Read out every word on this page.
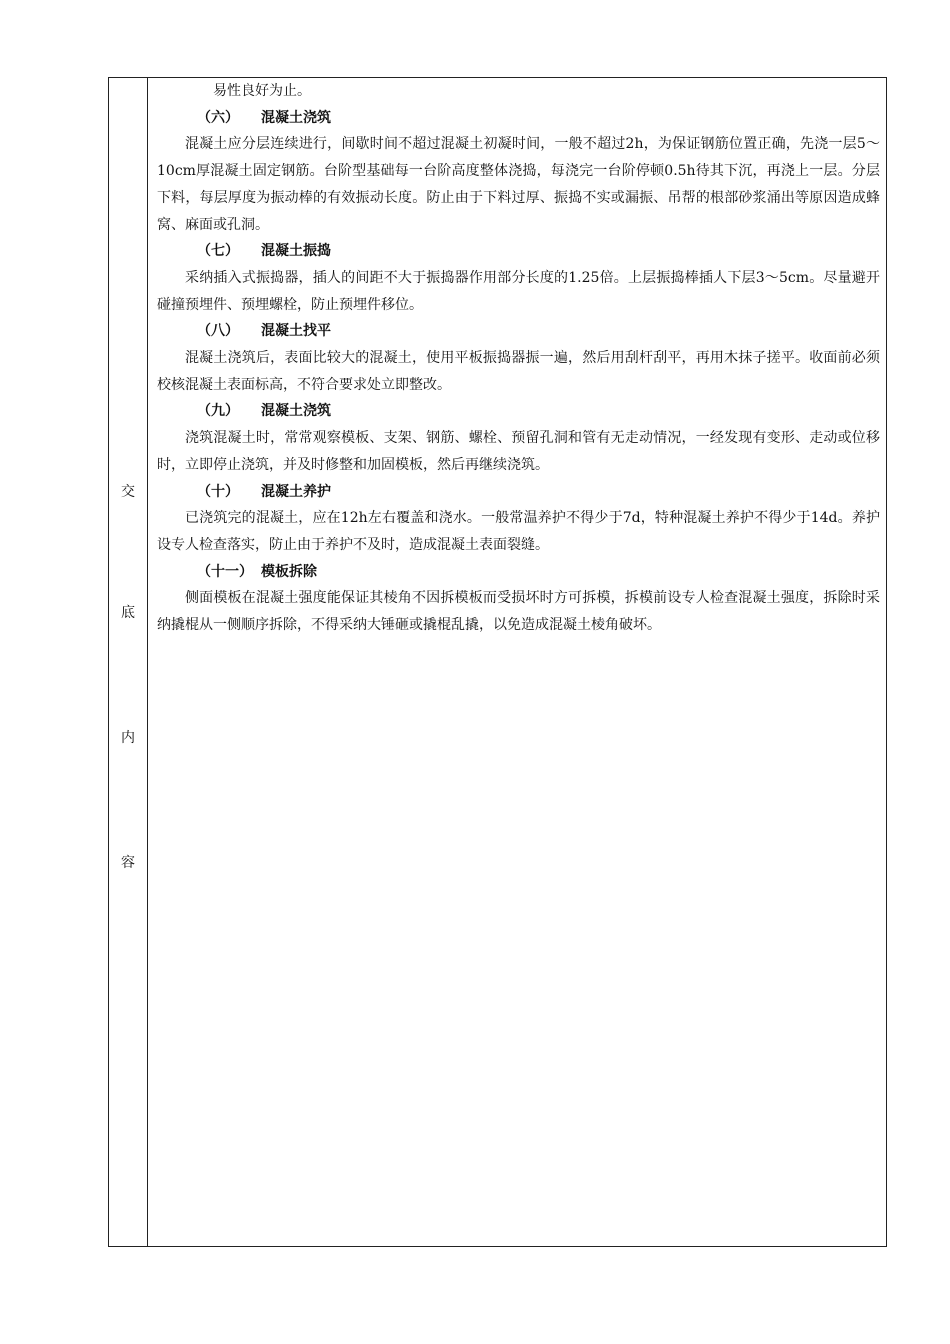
交
底
内
容

易性良好为止。

（六） 混凝土浇筑

混凝土应分层连续进行，间歇时间不超过混凝土初凝时间，一般不超过2h，为保证钢筋位置正确，先浇一层5～10cm厚混凝土固定钢筋。台阶型基础每一台阶高度整体浇捣，每浇完一台阶停顿0.5h待其下沉，再浇上一层。分层下料，每层厚度为振动棒的有效振动长度。防止由于下料过厚、振捣不实或漏振、吊帮的根部砂浆涌出等原因造成蜂窝、麻面或孔洞。

（七） 混凝土振捣

采纳插入式振捣器，插人的间距不大于振捣器作用部分长度的1.25倍。上层振捣棒插人下层3～5cm。尽量避开碰撞预埋件、预埋螺栓，防止预埋件移位。

（八） 混凝土找平

混凝土浇筑后，表面比较大的混凝土，使用平板振捣器振一遍，然后用刮杆刮平，再用木抹子搓平。收面前必须校核混凝土表面标高，不符合要求处立即整改。

（九） 混凝土浇筑

浇筑混凝土时，常常观察模板、支架、钢筋、螺栓、预留孔洞和管有无走动情况，一经发现有变形、走动或位移时，立即停止浇筑，并及时修整和加固模板，然后再继续浇筑。

（十） 混凝土养护

已浇筑完的混凝土，应在12h左右覆盖和浇水。一般常温养护不得少于7d，特种混凝土养护不得少于14d。养护设专人检查落实，防止由于养护不及时，造成混凝土表面裂缝。

（十一） 模板拆除

侧面模板在混凝土强度能保证其棱角不因拆模板而受损坏时方可拆模，拆模前设专人检查混凝土强度，拆除时采纳撬棍从一侧顺序拆除，不得采纳大锤砸或撬棍乱撬，以免造成混凝土棱角破坏。
